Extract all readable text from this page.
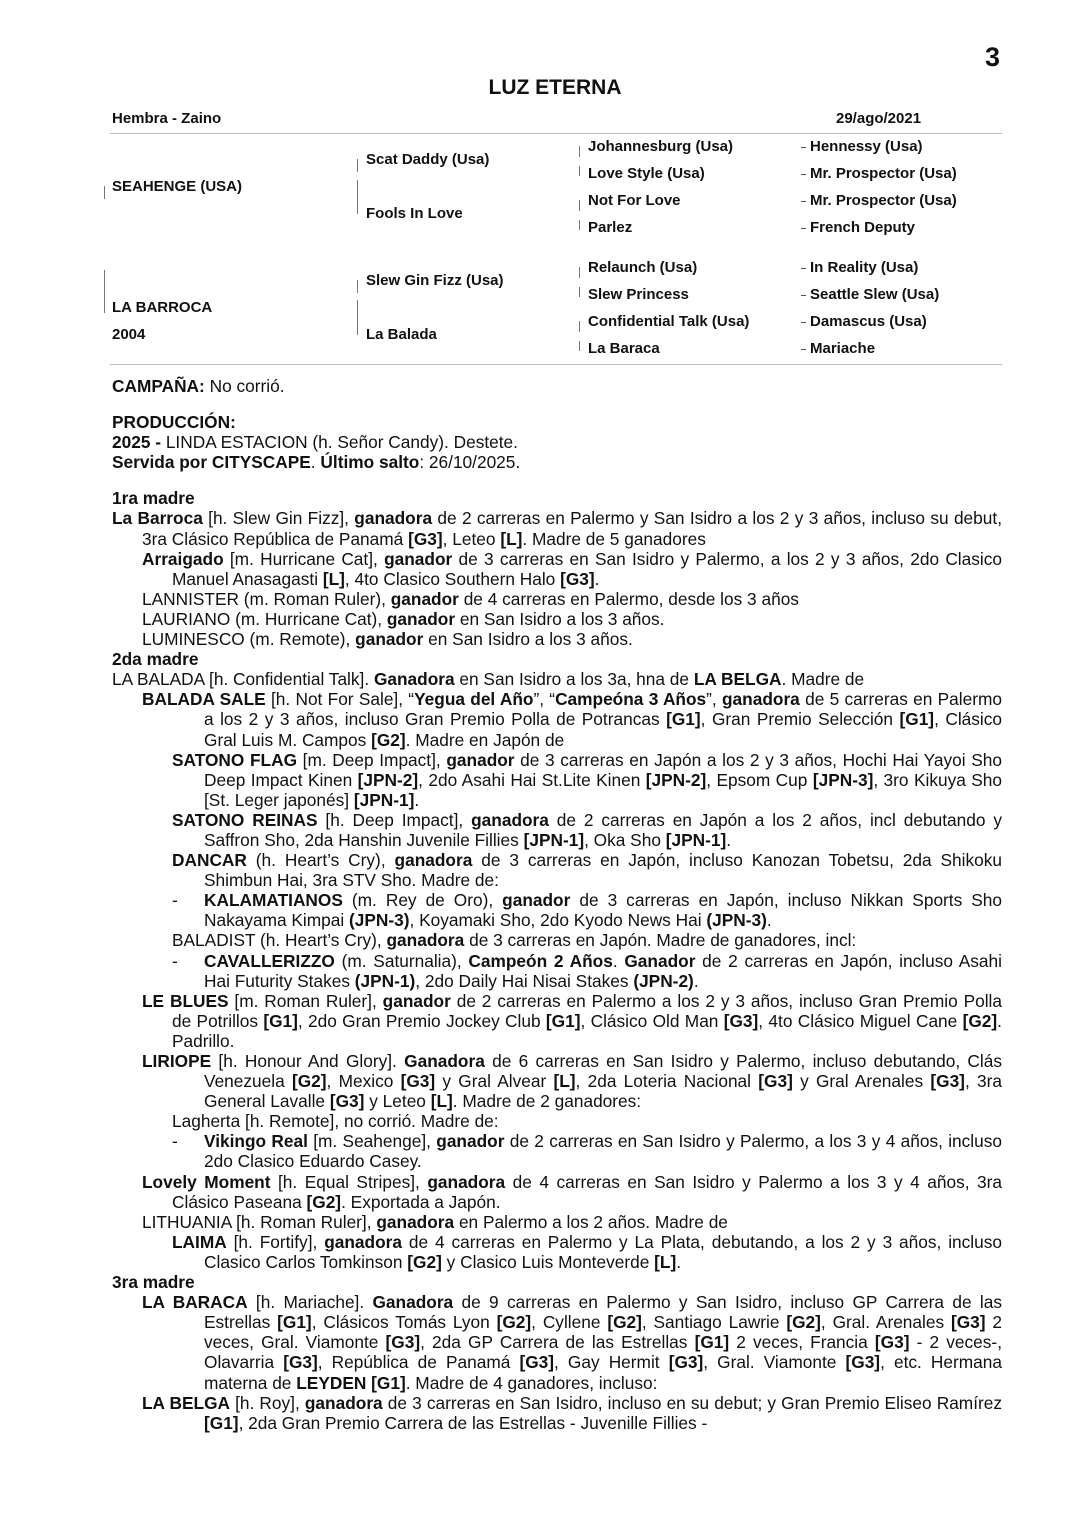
3
LUZ ETERNA
Hembra - Zaino	29/ago/2021
SEAHENGE (USA)
LA BARROCA
2004
Scat Daddy (Usa)
Fools In Love
Slew Gin Fizz (Usa)
La Balada
Johannesburg (Usa)
Love Style (Usa)
Not For Love
Parlez
Relaunch (Usa)
Slew Princess
Confidential Talk (Usa)
La Baraca
Hennessy (Usa)
Mr. Prospector (Usa)
Mr. Prospector (Usa)
French Deputy
In Reality (Usa)
Seattle Slew (Usa)
Damascus (Usa)
Mariache

CAMPAÑA: No corrió.

PRODUCCIÓN:

2025 - LINDA ESTACION (h. Señor Candy). Destete.

Servida por CITYSCAPE. Último salto: 26/10/2025.

1ra madre

La Barroca [h. Slew Gin Fizz], ganadora de 2 carreras en Palermo y San Isidro a los 2 y 3 años, incluso su debut, 3ra Clásico República de Panamá [G3], Leteo [L]. Madre de 5 ganadores

Arraigado [m. Hurricane Cat], ganador de 3 carreras en San Isidro y Palermo, a los 2 y 3 años, 2do Clasico Manuel Anasagasti [L], 4to Clasico Southern Halo [G3].

LANNISTER (m. Roman Ruler), ganador de 4 carreras en Palermo, desde los 3 años

LAURIANO (m. Hurricane Cat), ganador en San Isidro a los 3 años.

LUMINESCO (m. Remote), ganador en San Isidro a los 3 años.

2da madre

LA BALADA [h. Confidential Talk]. Ganadora en San Isidro a los 3a, hna de LA BELGA. Madre de

BALADA SALE [h. Not For Sale], “Yegua del Año”, “Campeóna 3 Años”, ganadora de 5 carreras en Palermo a los 2 y 3 años, incluso Gran Premio Polla de Potrancas [G1], Gran Premio Selección [G1], Clásico Gral Luis M. Campos [G2]. Madre en Japón de

SATONO FLAG [m. Deep Impact], ganador de 3 carreras en Japón a los 2 y 3 años, Hochi Hai Yayoi Sho Deep Impact Kinen [JPN-2], 2do Asahi Hai St.Lite Kinen [JPN-2], Epsom Cup [JPN-3], 3ro Kikuya Sho [St. Leger japonés] [JPN-1].

SATONO REINAS [h. Deep Impact], ganadora de 2 carreras en Japón a los 2 años, incl debutando y Saffron Sho, 2da Hanshin Juvenile Fillies [JPN-1], Oka Sho [JPN-1].

DANCAR (h. Heart’s Cry), ganadora de 3 carreras en Japón, incluso Kanozan Tobetsu, 2da Shikoku Shimbun Hai, 3ra STV Sho. Madre de:

- KALAMATIANOS (m. Rey de Oro), ganador de 3 carreras en Japón, incluso Nikkan Sports Sho Nakayama Kimpai (JPN-3), Koyamaki Sho, 2do Kyodo News Hai (JPN-3).

BALADIST (h. Heart’s Cry), ganadora de 3 carreras en Japón. Madre de ganadores, incl:

- CAVALLERIZZO (m. Saturnalia), Campeón 2 Años. Ganador de 2 carreras en Japón, incluso Asahi Hai Futurity Stakes (JPN-1), 2do Daily Hai Nisai Stakes (JPN-2).

LE BLUES [m. Roman Ruler], ganador de 2 carreras en Palermo a los 2 y 3 años, incluso Gran Premio Polla de Potrillos [G1], 2do Gran Premio Jockey Club [G1], Clásico Old Man [G3], 4to Clásico Miguel Cane [G2]. Padrillo.

LIRIOPE [h. Honour And Glory]. Ganadora de 6 carreras en San Isidro y Palermo, incluso debutando, Clás Venezuela [G2], Mexico [G3] y Gral Alvear [L], 2da Loteria Nacional [G3] y Gral Arenales [G3], 3ra General Lavalle [G3] y Leteo [L]. Madre de 2 ganadores:

Lagherta [h. Remote], no corrió. Madre de:

- Vikingo Real [m. Seahenge], ganador de 2 carreras en San Isidro y Palermo, a los 3 y 4 años, incluso 2do Clasico Eduardo Casey.

Lovely Moment [h. Equal Stripes], ganadora de 4 carreras en San Isidro y Palermo a los 3 y 4 años, 3ra Clásico Paseana [G2]. Exportada a Japón.

LITHUANIA [h. Roman Ruler], ganadora en Palermo a los 2 años. Madre de

LAIMA [h. Fortify], ganadora de 4 carreras en Palermo y La Plata, debutando, a los 2 y 3 años, incluso Clasico Carlos Tomkinson [G2] y Clasico Luis Monteverde [L].

3ra madre

LA BARACA [h. Mariache]. Ganadora de 9 carreras en Palermo y San Isidro, incluso GP Carrera de las Estrellas [G1], Clásicos Tomás Lyon [G2], Cyllene [G2], Santiago Lawrie [G2], Gral. Arenales [G3] 2 veces, Gral. Viamonte [G3], 2da GP Carrera de las Estrellas [G1] 2 veces, Francia [G3] - 2 veces-, Olavarria [G3], República de Panamá [G3], Gay Hermit [G3], Gral. Viamonte [G3], etc. Hermana materna de LEYDEN [G1]. Madre de 4 ganadores, incluso:

LA BELGA [h. Roy], ganadora de 3 carreras en San Isidro, incluso en su debut; y Gran Premio Eliseo Ramírez [G1], 2da Gran Premio Carrera de las Estrellas - Juvenille Fillies -
